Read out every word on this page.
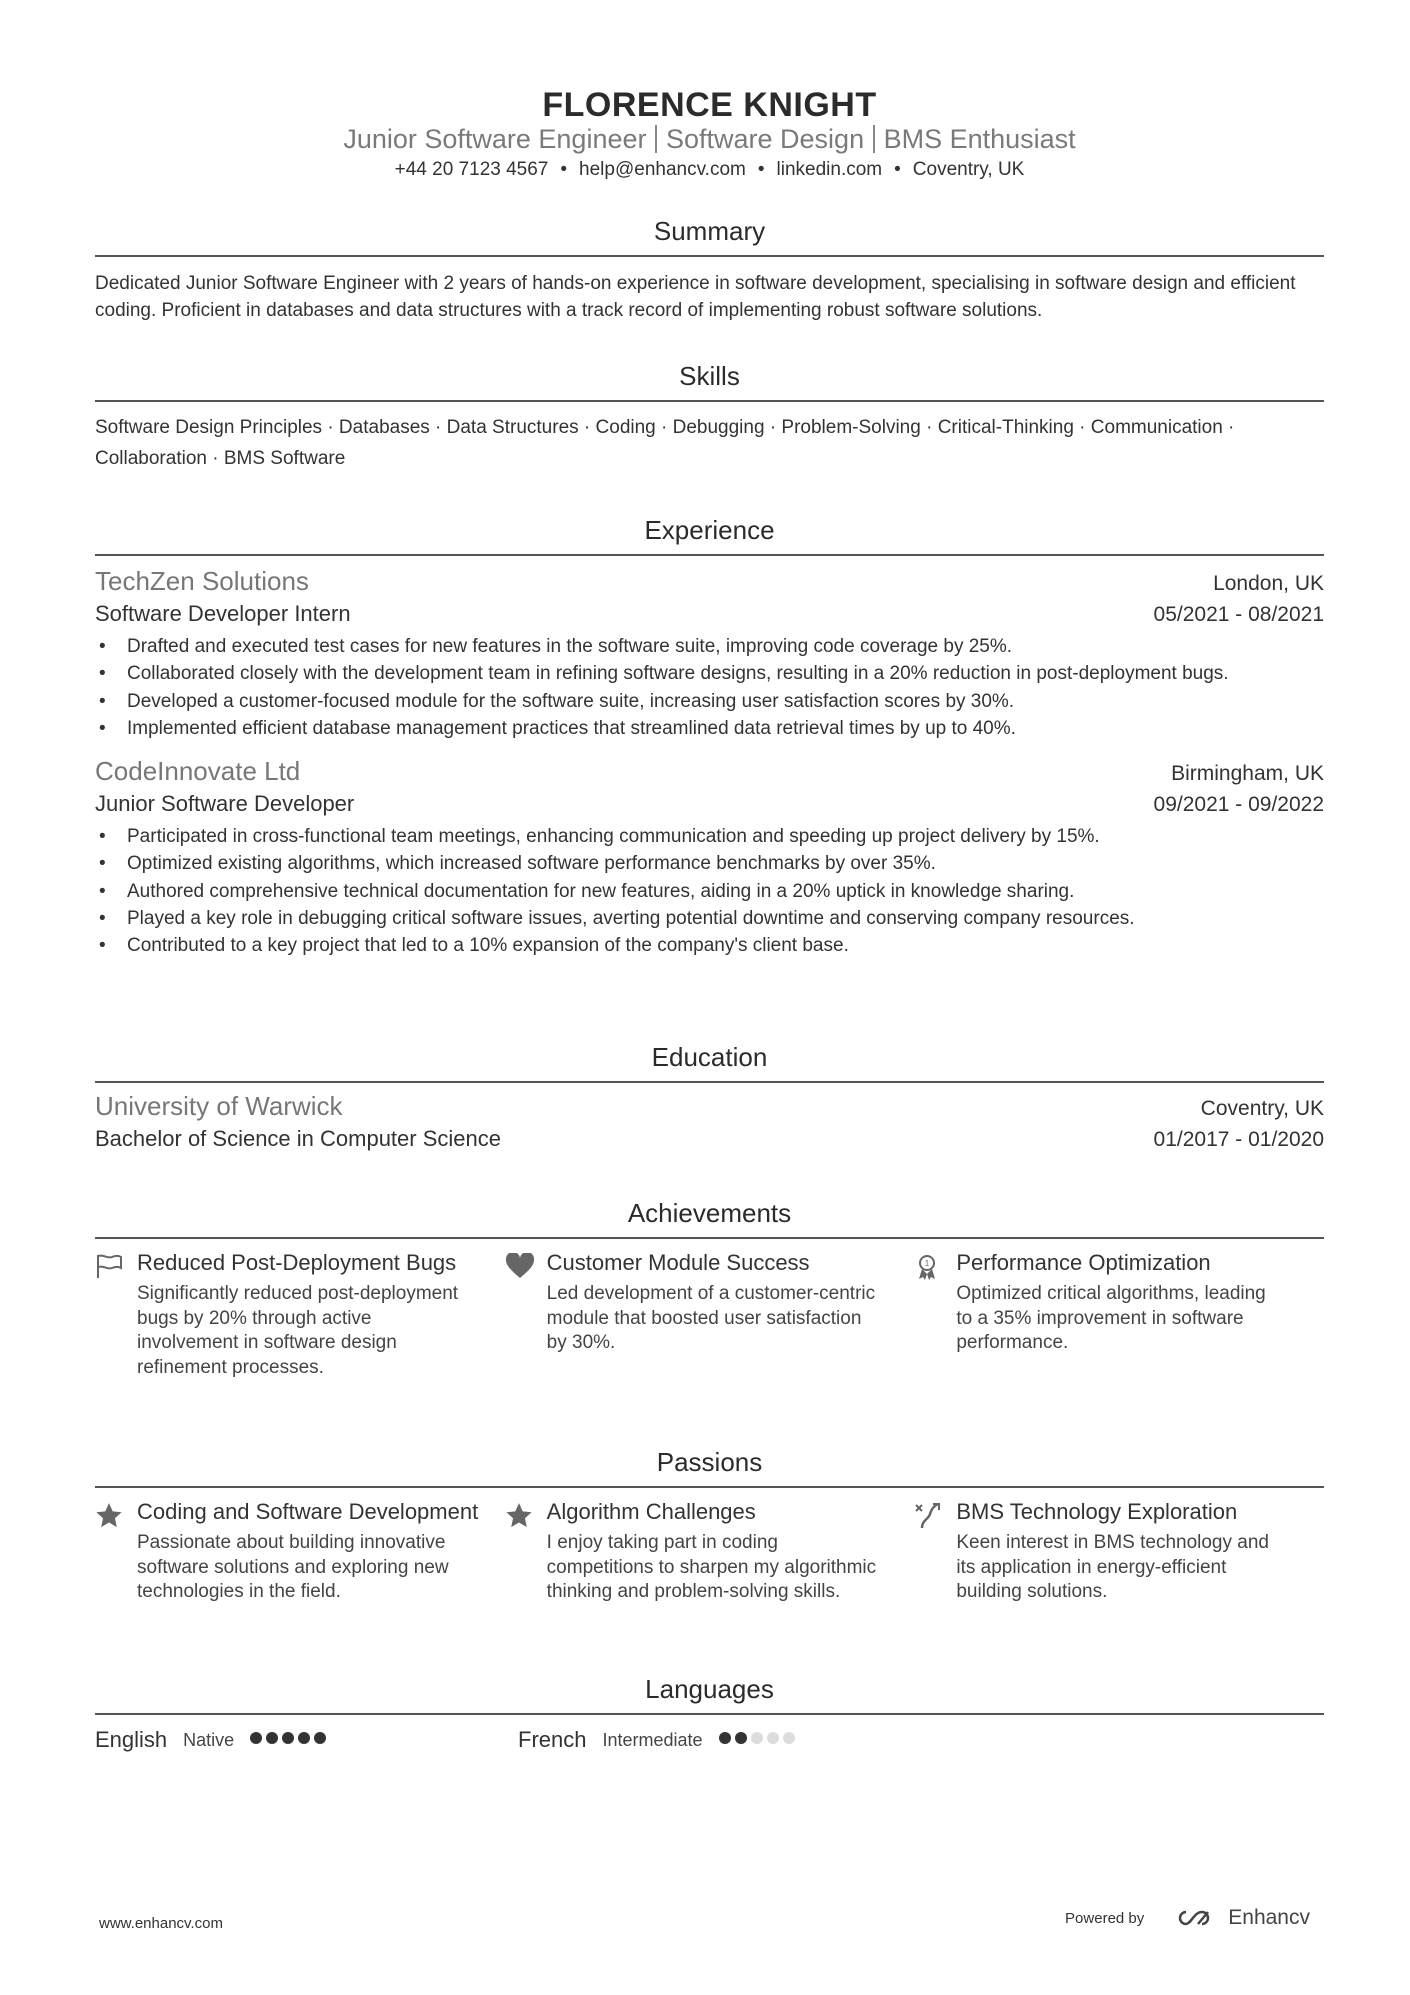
FLORENCE KNIGHT
Junior Software Engineer Software Design BMS Enthusiast
+44 20 7123 4567 • help@enhancv.com • linkedin.com • Coventry, UK
Summary
Dedicated Junior Software Engineer with 2 years of hands-on experience in software development, specialising in software design and efficient coding. Proficient in databases and data structures with a track record of implementing robust software solutions.
Skills
Software Design Principles · Databases · Data Structures · Coding · Debugging · Problem-Solving · Critical-Thinking · Communication · Collaboration · BMS Software
Experience
TechZen Solutions	London, UK
Software Developer Intern	05/2021 - 08/2021
• Drafted and executed test cases for new features in the software suite, improving code coverage by 25%.
• Collaborated closely with the development team in refining software designs, resulting in a 20% reduction in post-deployment bugs.
• Developed a customer-focused module for the software suite, increasing user satisfaction scores by 30%.
• Implemented efficient database management practices that streamlined data retrieval times by up to 40%.
CodeInnovate Ltd	Birmingham, UK
Junior Software Developer	09/2021 - 09/2022
• Participated in cross-functional team meetings, enhancing communication and speeding up project delivery by 15%.
• Optimized existing algorithms, which increased software performance benchmarks by over 35%.
• Authored comprehensive technical documentation for new features, aiding in a 20% uptick in knowledge sharing.
• Played a key role in debugging critical software issues, averting potential downtime and conserving company resources.
• Contributed to a key project that led to a 10% expansion of the company's client base.
Education
University of Warwick	Coventry, UK
Bachelor of Science in Computer Science	01/2017 - 01/2020
Achievements
Reduced Post-Deployment Bugs
Significantly reduced post-deployment bugs by 20% through active involvement in software design refinement processes.
Customer Module Success
Led development of a customer-centric module that boosted user satisfaction by 30%.
1 Performance Optimization
Optimized critical algorithms, leading to a 35% improvement in software performance.
Passions
Coding and Software Development
Passionate about building innovative software solutions and exploring new technologies in the field.
Algorithm Challenges
I enjoy taking part in coding competitions to sharpen my algorithmic thinking and problem-solving skills.
BMS Technology Exploration
Keen interest in BMS technology and its application in energy-efficient building solutions.
Languages
English Native	French Intermediate
www.enhancv.com	Powered by	Enhancv
